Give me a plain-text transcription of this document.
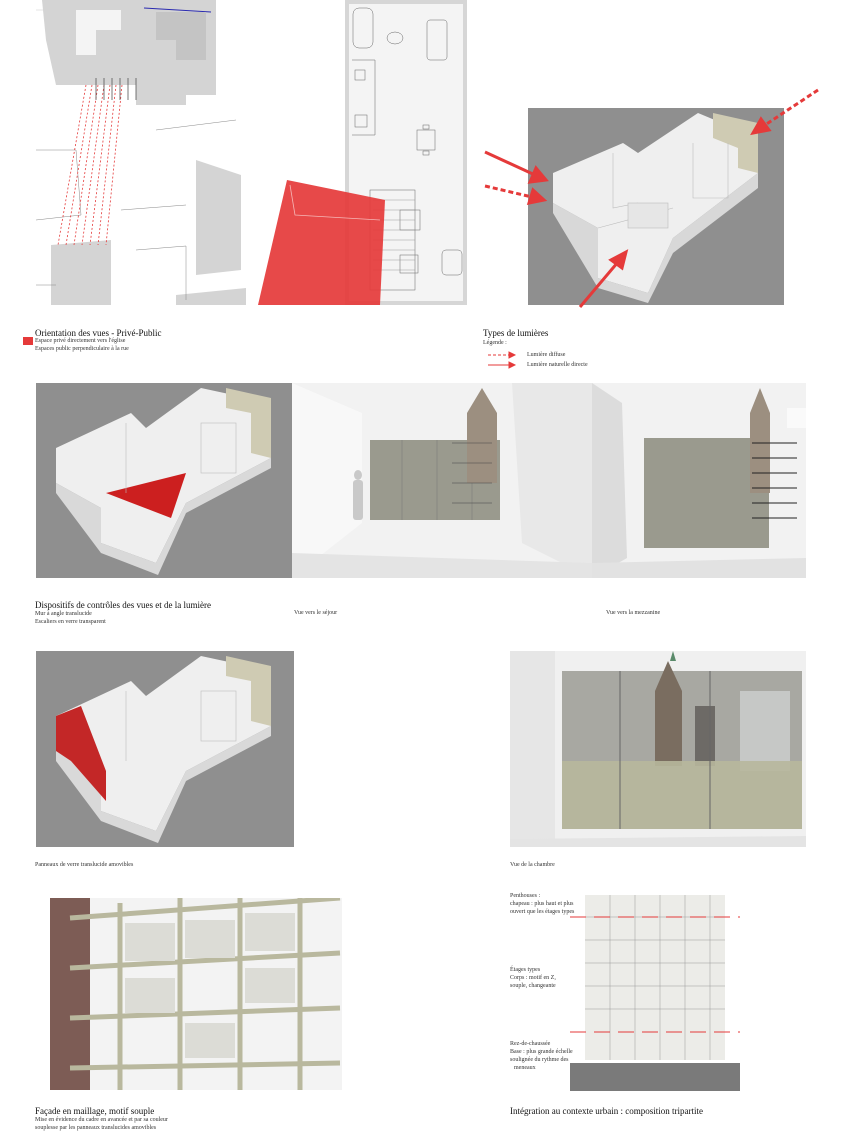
Orientation des vues - Privé-Public
Espace privé directement vers l'église
Espaces public perpendiculaire à la rue
Types de lumières
Légende :
Lumière diffuse
Lumière naturelle directe
Dispositifs de contrôles des vues et de la lumière
Mur à angle translucide
Escaliers en verre transparent
Vue vers le séjour	Vue vers la mezzanine
Panneaux de verre translucide amovibles	Vue de la chambre
Penthouses :
chapeau : plus haut et plus
ouvert que les étages types
Étages types
Corps : motif en Z,
souple, changeante
Rez-de-chaussée
Base : plus grande échelle
soulignée du rythme des
meneaux
Façade en maillage, motif souple
Mise en évidence du cadre en avancée et par sa couleur
souplesse par les panneaux translucides amovibles
Intégration au contexte urbain : composition tripartite
